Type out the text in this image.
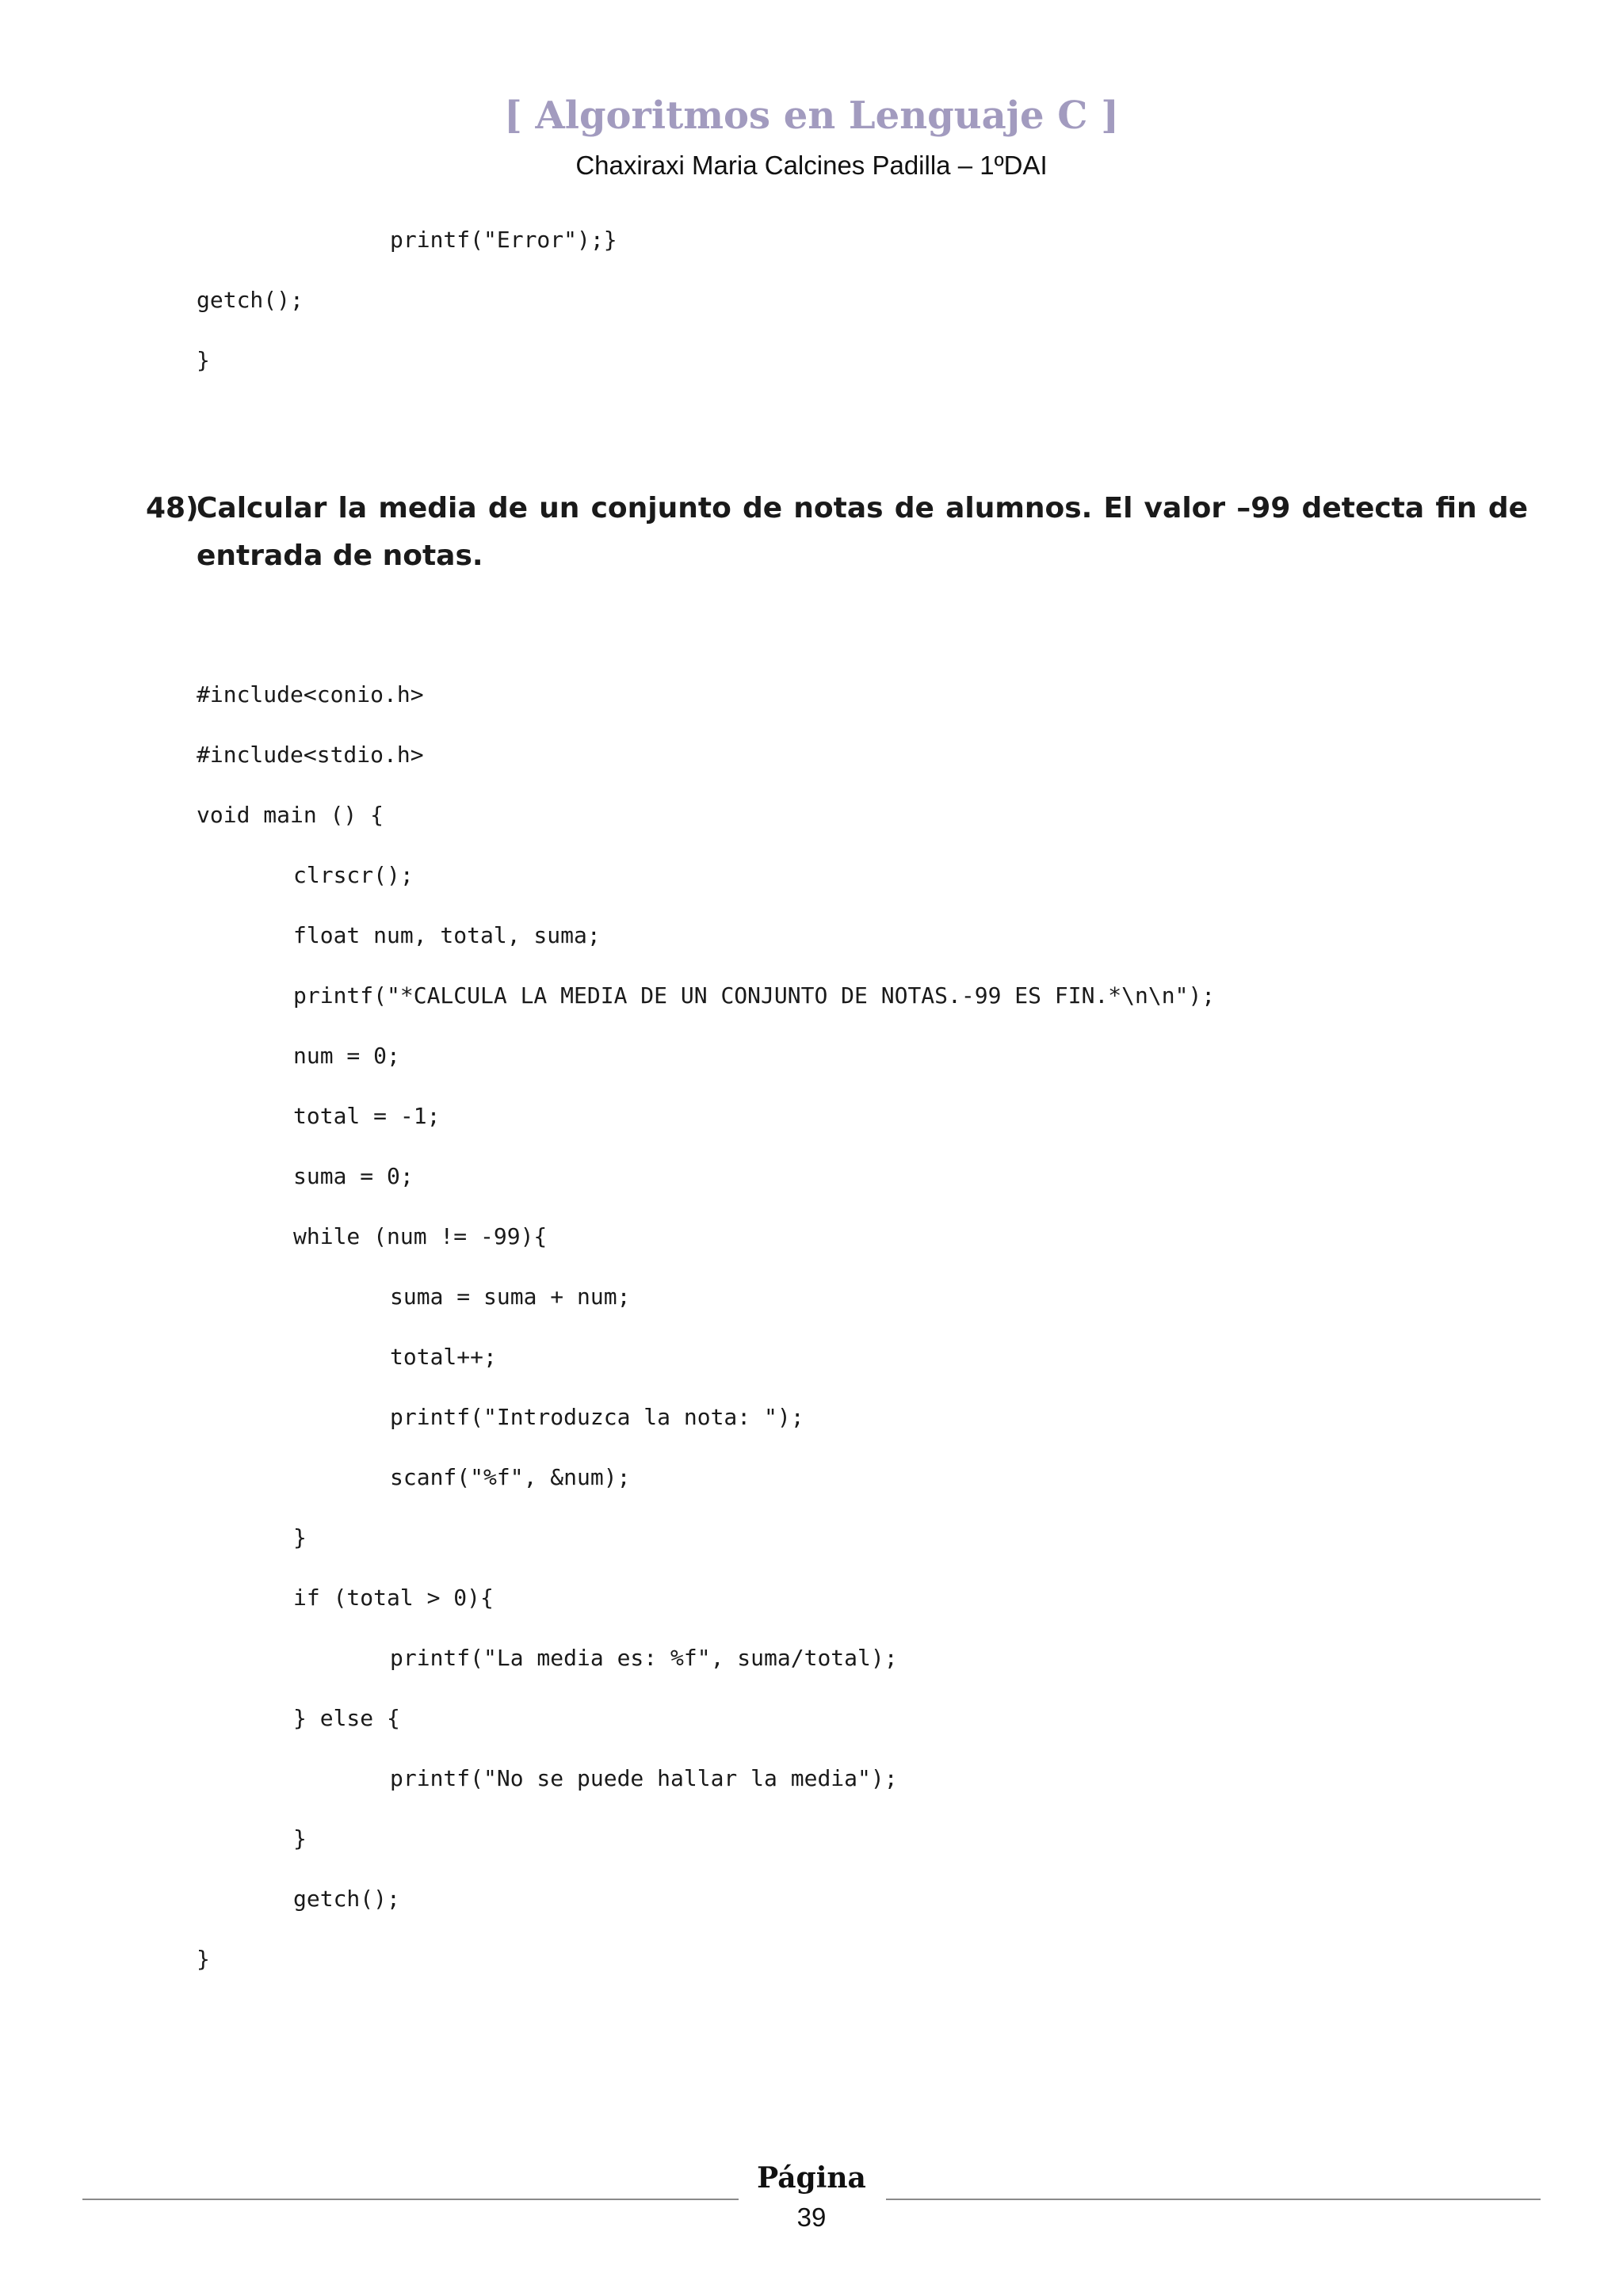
[ Algoritmos en Lenguaje C ]
Chaxiraxi Maria Calcines Padilla – 1ºDAI
printf("Error");}
getch();
}
48)
Calcular la media de un conjunto de notas de alumnos. El valor –99 detecta fin de entrada de notas.
#include<conio.h>
#include<stdio.h>
void main () {
clrscr();
float num, total, suma;
printf("*CALCULA LA MEDIA DE UN CONJUNTO DE NOTAS.-99 ES FIN.*\n\n");
num = 0;
total = -1;
suma = 0;
while (num != -99){
suma = suma + num;
total++;
printf("Introduzca la nota: ");
scanf("%f", &num);
}
if (total > 0){
printf("La media es: %f", suma/total);
} else {
printf("No se puede hallar la media");
}
getch();
}
Página
39
